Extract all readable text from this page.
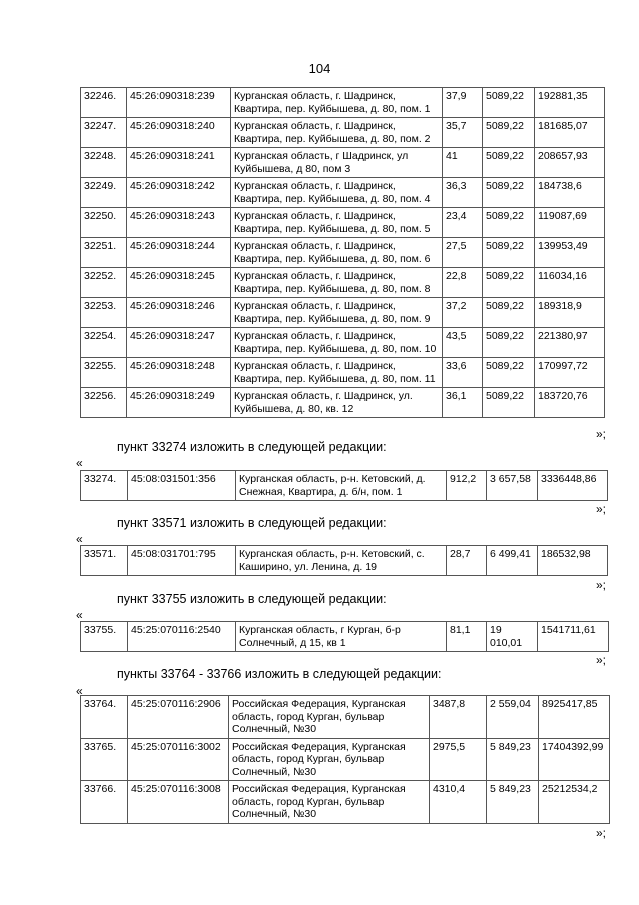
104
32246.	45:26:090318:239	Курганская область, г. Шадринск, Квартира, пер. Куйбышева, д. 80, пом. 1	37,9	5089,22	192881,35
32247.	45:26:090318:240	Курганская область, г. Шадринск, Квартира, пер. Куйбышева, д. 80, пом. 2	35,7	5089,22	181685,07
32248.	45:26:090318:241	Курганская область, г Шадринск, ул Куйбышева, д 80, пом 3	41	5089,22	208657,93
32249.	45:26:090318:242	Курганская область, г. Шадринск, Квартира, пер. Куйбышева, д. 80, пом. 4	36,3	5089,22	184738,6
32250.	45:26:090318:243	Курганская область, г. Шадринск, Квартира, пер. Куйбышева, д. 80, пом. 5	23,4	5089,22	119087,69
32251.	45:26:090318:244	Курганская область, г. Шадринск, Квартира, пер. Куйбышева, д. 80, пом. 6	27,5	5089,22	139953,49
32252.	45:26:090318:245	Курганская область, г. Шадринск, Квартира, пер. Куйбышева, д. 80, пом. 8	22,8	5089,22	116034,16
32253.	45:26:090318:246	Курганская область, г. Шадринск, Квартира, пер. Куйбышева, д. 80, пом. 9	37,2	5089,22	189318,9
32254.	45:26:090318:247	Курганская область, г. Шадринск, Квартира, пер. Куйбышева, д. 80, пом. 10	43,5	5089,22	221380,97
32255.	45:26:090318:248	Курганская область, г. Шадринск, Квартира, пер. Куйбышева, д. 80, пом. 11	33,6	5089,22	170997,72
32256.	45:26:090318:249	Курганская область, г. Шадринск, ул. Куйбышева, д. 80, кв. 12	36,1	5089,22	183720,76
»;
пункт 33274 изложить в следующей редакции:
«
33274.	45:08:031501:356	Курганская область, р-н. Кетовский, д. Снежная, Квартира, д. б/н, пом. 1	912,2	3 657,58	3336448,86
»;
пункт 33571 изложить в следующей редакции:
«
33571.	45:08:031701:795	Курганская область, р-н. Кетовский, с. Каширино, ул. Ленина, д. 19	28,7	6 499,41	186532,98
»;
пункт 33755 изложить в следующей редакции:
«
33755.	45:25:070116:2540	Курганская область, г Курган, б-р Солнечный, д 15, кв 1	81,1	19 010,01	1541711,61
»;
пункты 33764 - 33766 изложить в следующей редакции:
«
33764.	45:25:070116:2906	Российская Федерация, Курганская область, город Курган, бульвар Солнечный, №30	3487,8	2 559,04	8925417,85
33765.	45:25:070116:3002	Российская Федерация, Курганская область, город Курган, бульвар Солнечный, №30	2975,5	5 849,23	17404392,99
33766.	45:25:070116:3008	Российская Федерация, Курганская область, город Курган, бульвар Солнечный, №30	4310,4	5 849,23	25212534,2
»;
